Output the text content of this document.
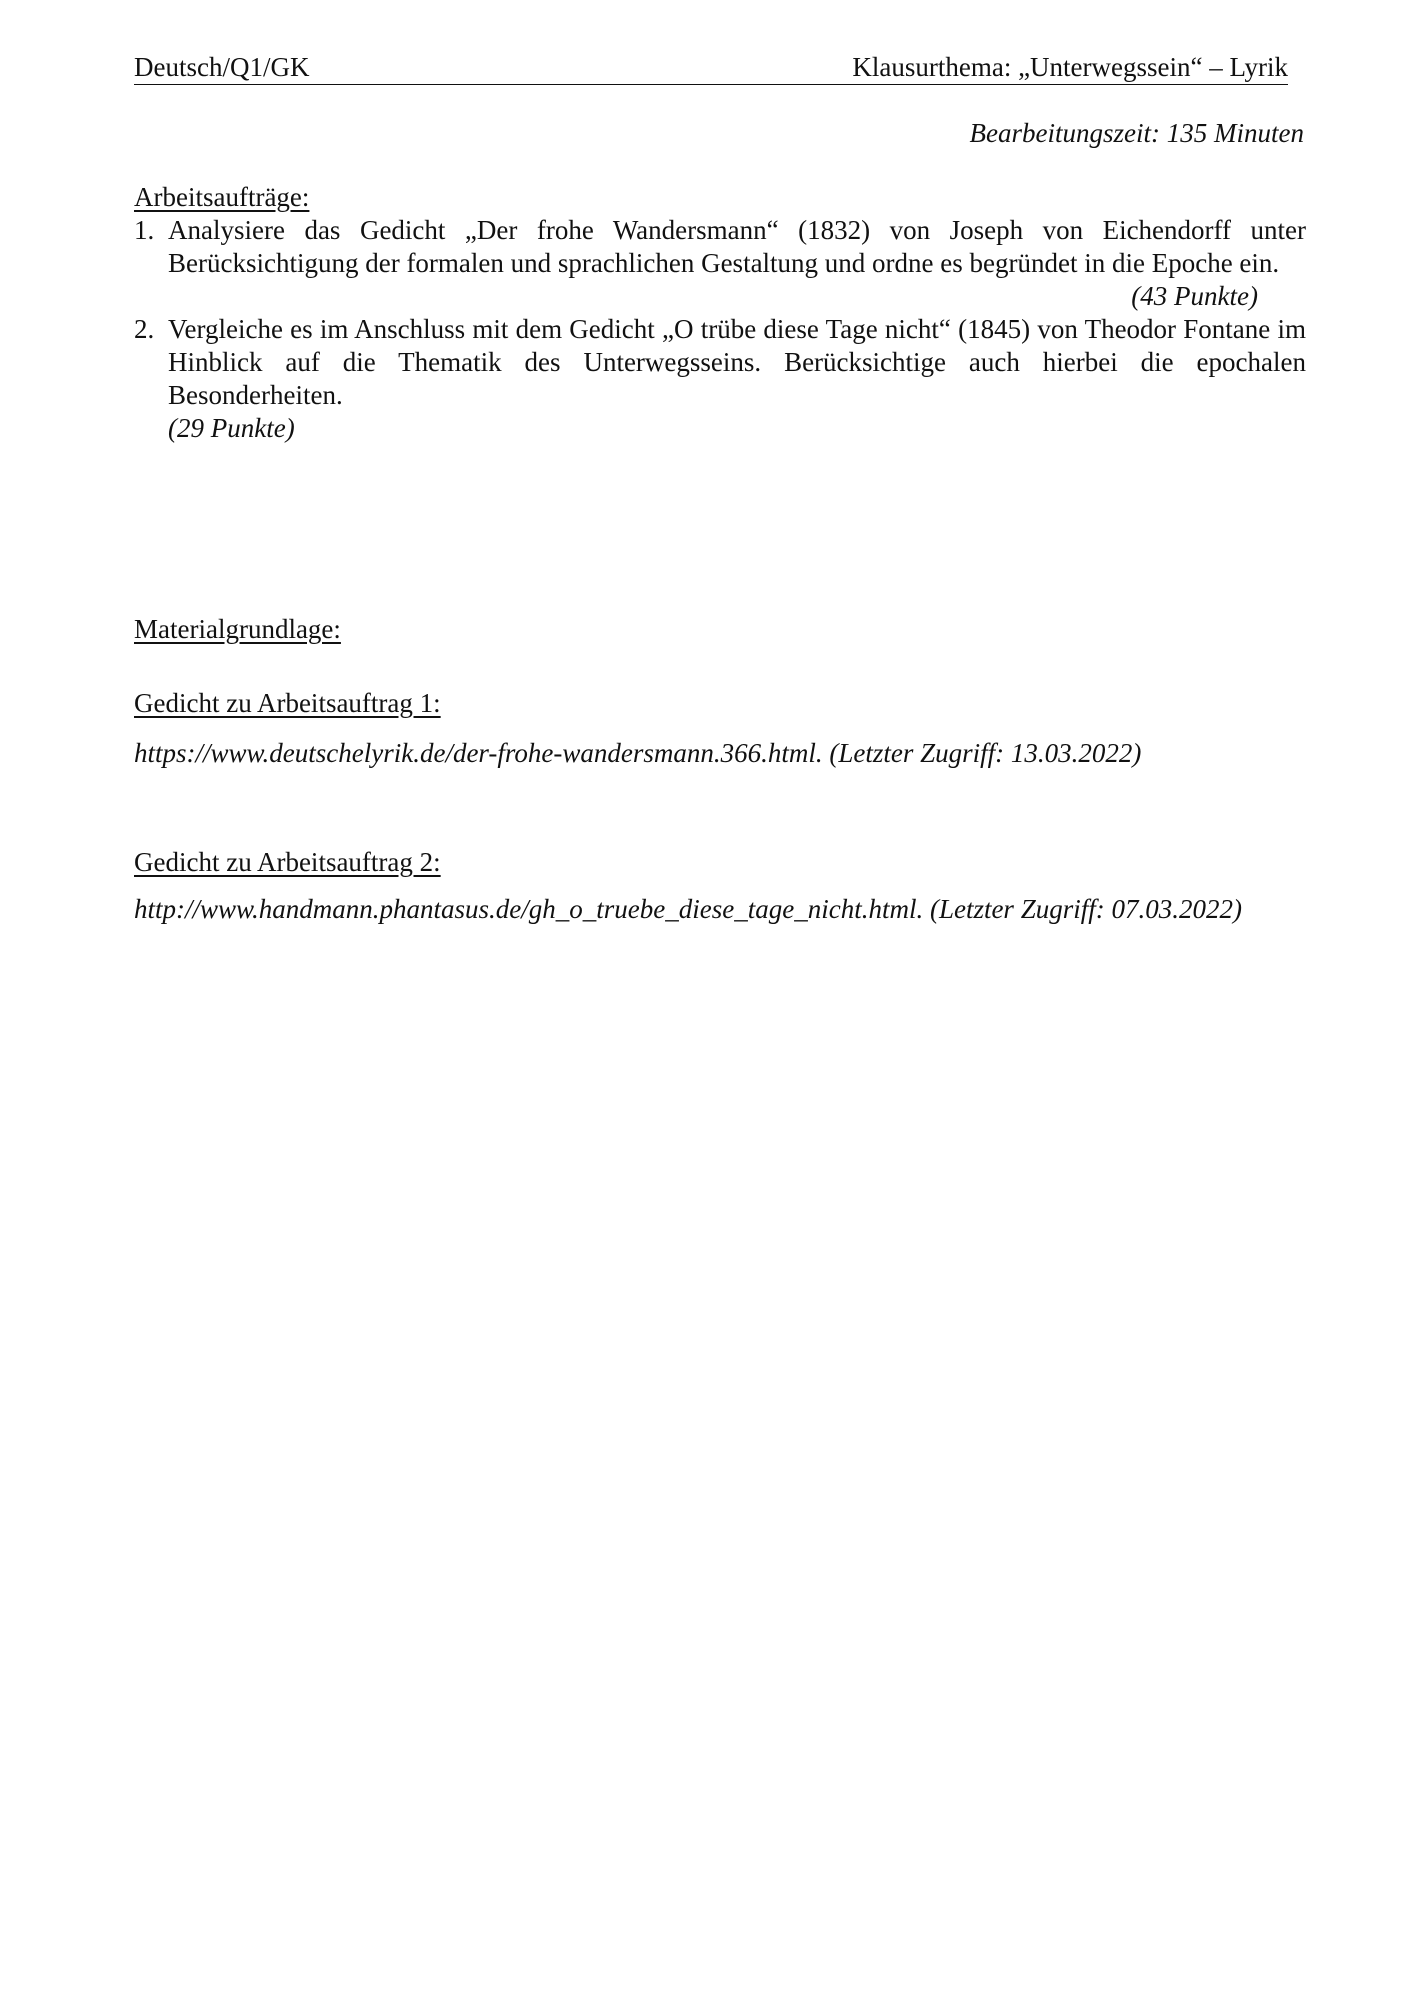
Deutsch/Q1/GK	Klausurthema: „Unterwegssein“ – Lyrik
Bearbeitungszeit: 135 Minuten
Arbeitsaufträge:
1. Analysiere das Gedicht „Der frohe Wandersmann“ (1832) von Joseph von Eichendorff unter Berücksichtigung der formalen und sprachlichen Gestaltung und ordne es begründet in die Epoche ein.
(43 Punkte)
2. Vergleiche es im Anschluss mit dem Gedicht „O trübe diese Tage nicht“ (1845) von Theodor Fontane im Hinblick auf die Thematik des Unterwegsseins. Berücksichtige auch hierbei die epochalen Besonderheiten.
(29 Punkte)
Materialgrundlage:
Gedicht zu Arbeitsauftrag 1:
https://www.deutschelyrik.de/der-frohe-wandersmann.366.html. (Letzter Zugriff: 13.03.2022)
Gedicht zu Arbeitsauftrag 2:
http://www.handmann.phantasus.de/gh_o_truebe_diese_tage_nicht.html. (Letzter Zugriff: 07.03.2022)
